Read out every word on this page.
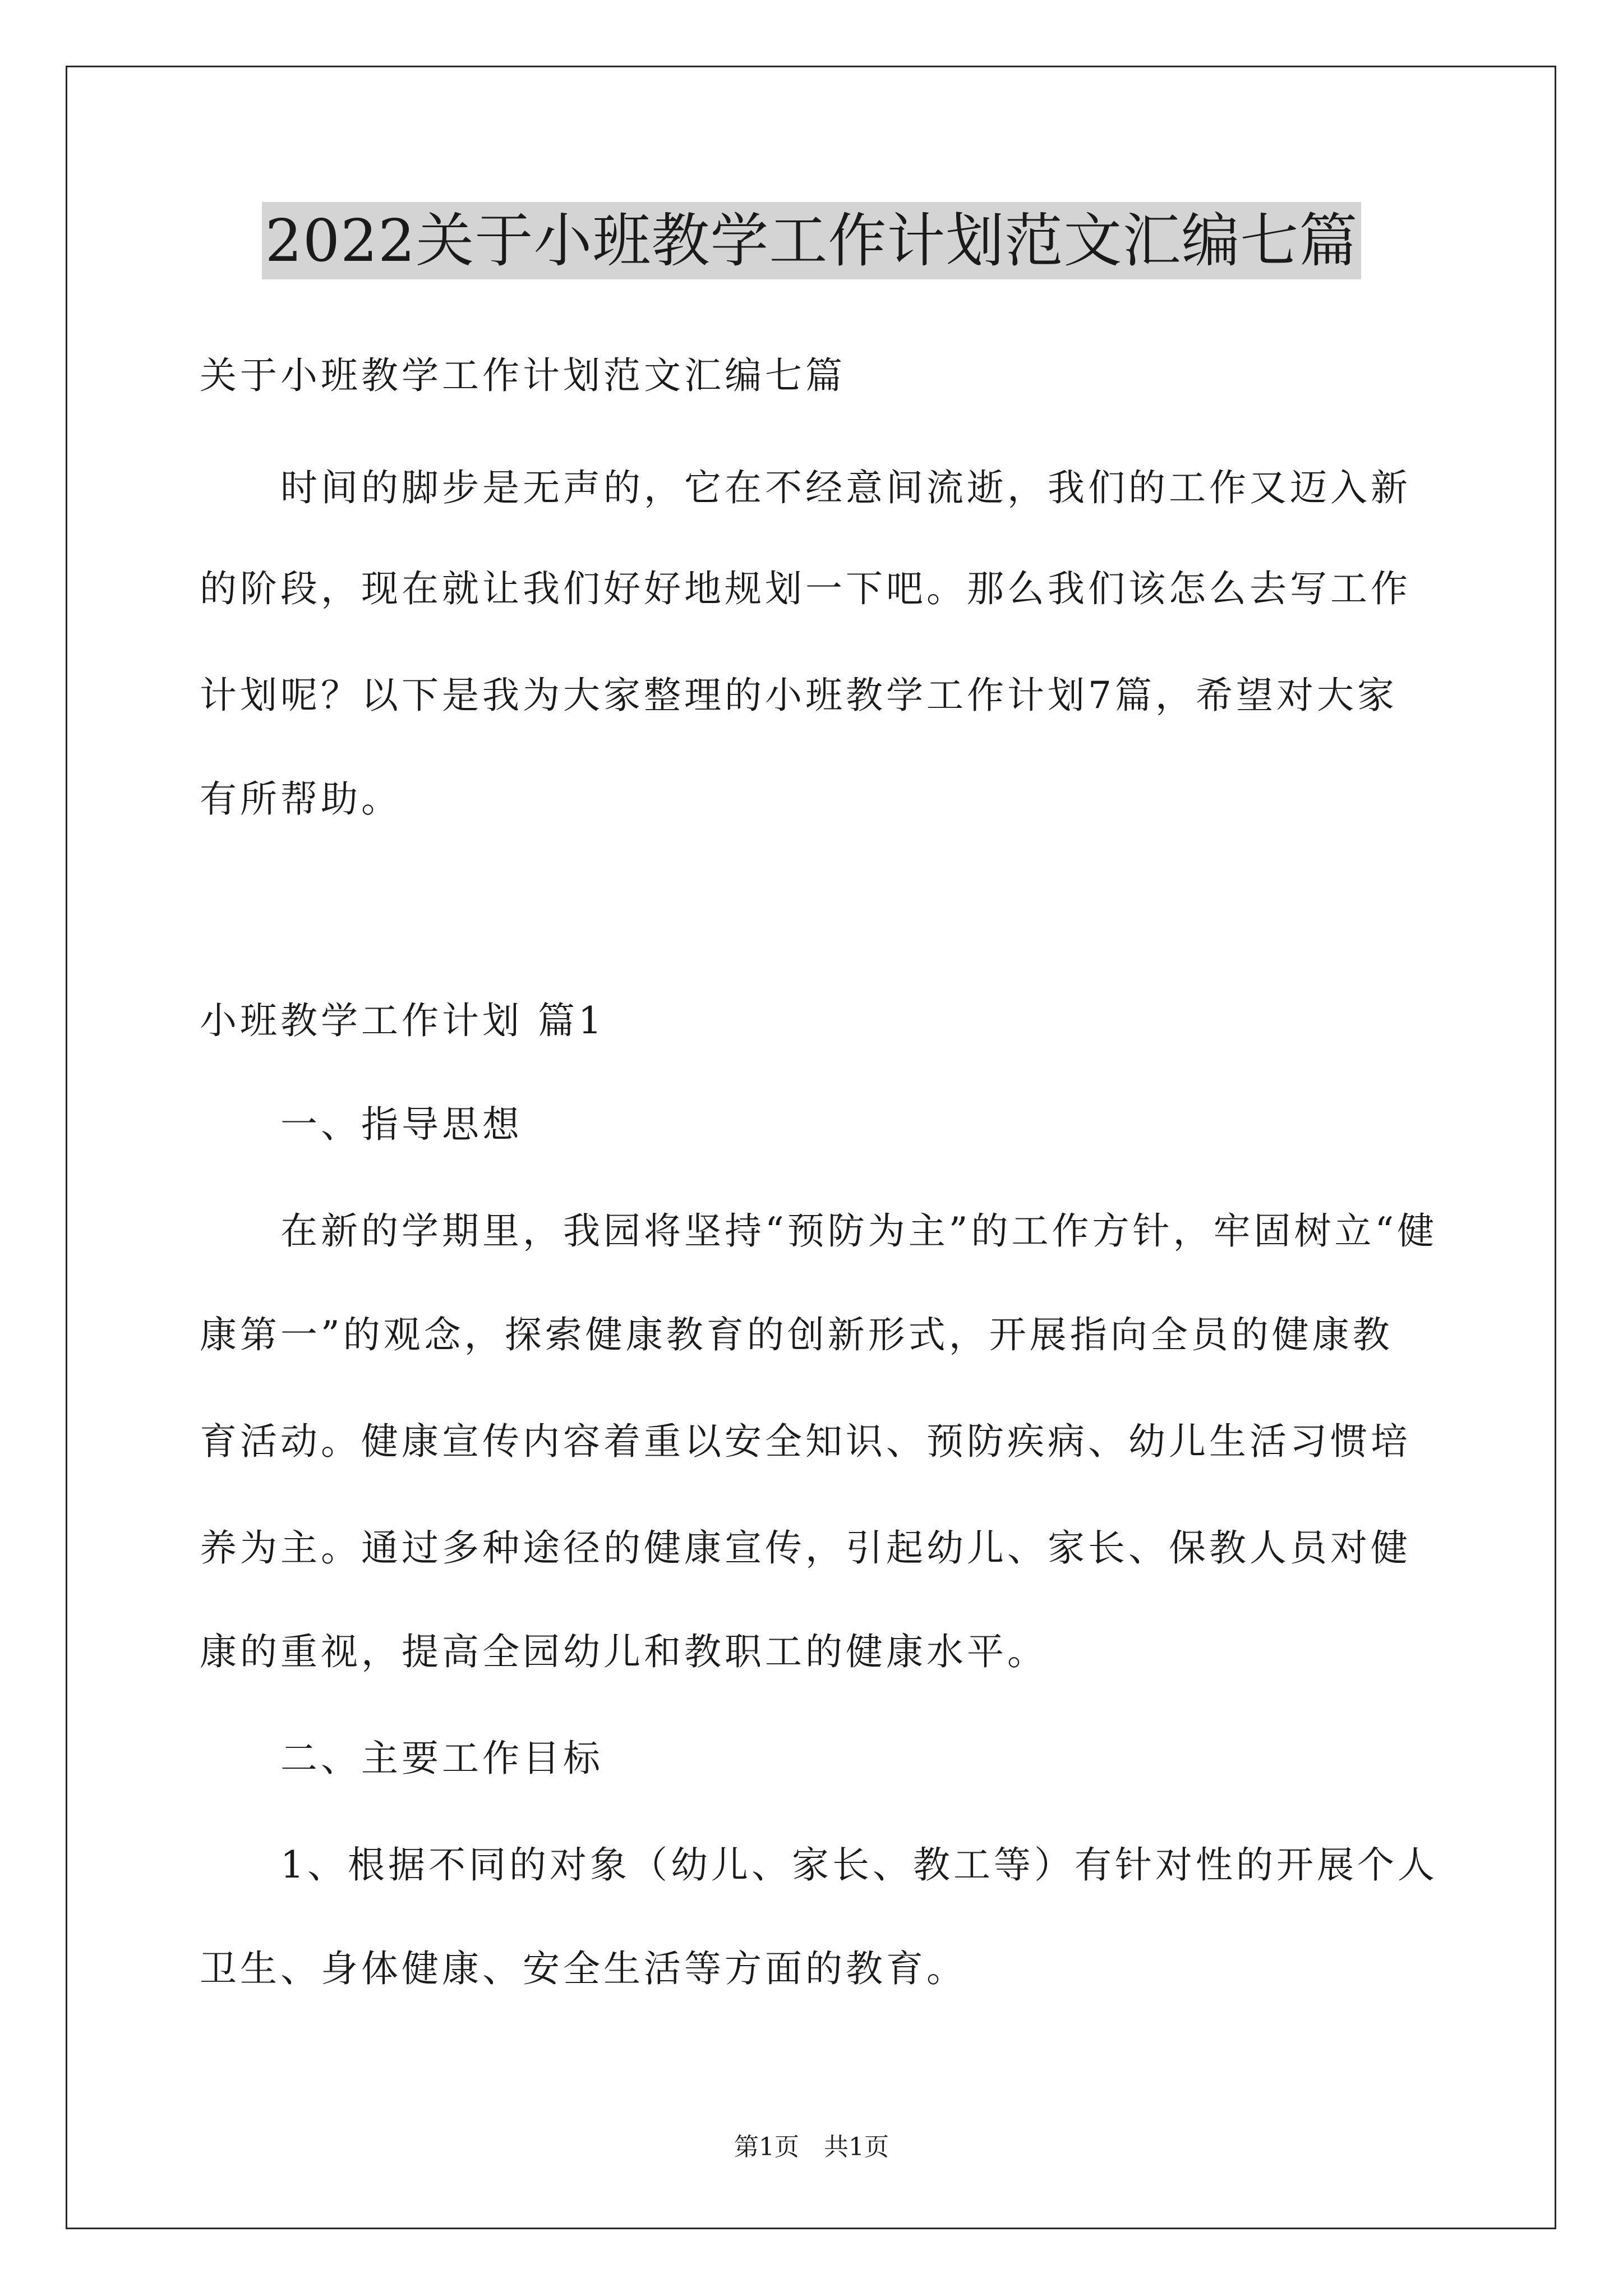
2022关于小班教学工作计划范文汇编七篇
关于小班教学工作计划范文汇编七篇
时间的脚步是无声的，它在不经意间流逝，我们的工作又迈入新
的阶段，现在就让我们好好地规划一下吧。那么我们该怎么去写工作
计划呢？以下是我为大家整理的小班教学工作计划7篇，希望对大家
有所帮助。
小班教学工作计划 篇1
一、指导思想
在新的学期里，我园将坚持“预防为主”的工作方针，牢固树立“健
康第一”的观念，探索健康教育的创新形式，开展指向全员的健康教
育活动。健康宣传内容着重以安全知识、预防疾病、幼儿生活习惯培
养为主。通过多种途径的健康宣传，引起幼儿、家长、保教人员对健
康的重视，提高全园幼儿和教职工的健康水平。
二、主要工作目标
1、根据不同的对象（幼儿、家长、教工等）有针对性的开展个人
卫生、身体健康、安全生活等方面的教育。
第1页　共1页
